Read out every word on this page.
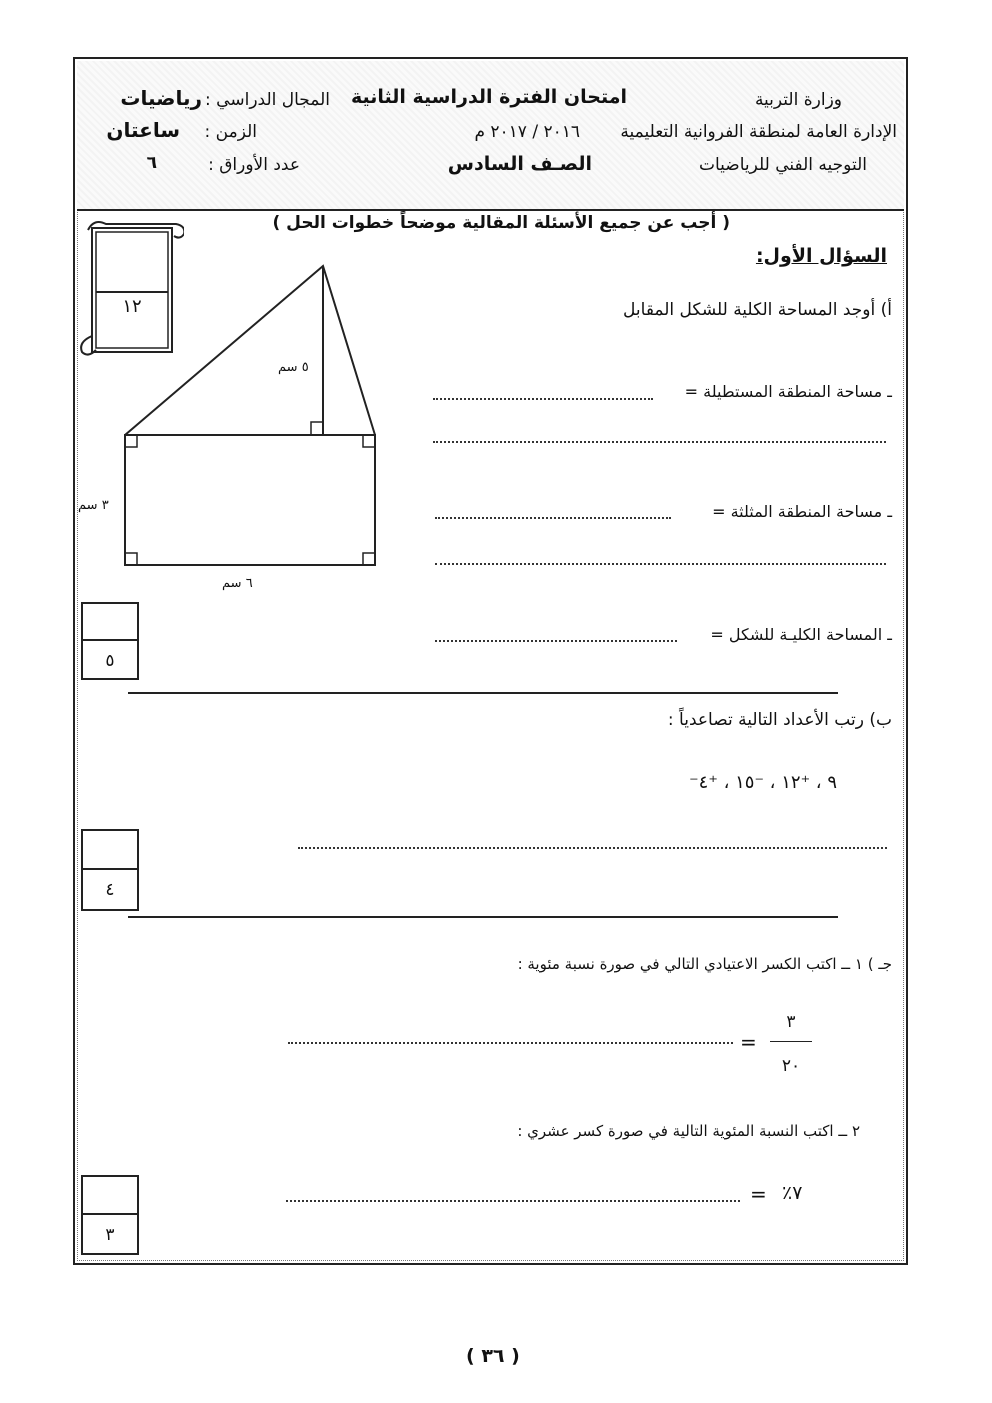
وزارة التربية
الإدارة العامة لمنطقة الفروانية التعليمية
التوجيه الفني للرياضيات
امتحان الفترة الدراسية الثانية
٢٠١٦ / ٢٠١٧ م
الصـف السادس
المجال الدراسي :
رياضيات
الزمن :
ساعتان
عدد الأوراق :
٦
( أجب عن جميع الأسئلة المقالية موضحاً خطوات الحل )
١٢
السؤال الأول:
أ) أوجد المساحة الكلية للشكل المقابل
٥ سم
٣ سم
٦ سم
ـ مساحة المنطقة المستطيلة =
ـ مساحة المنطقة المثلثة =
ـ المساحة الكليـة للشكل =
٥
ب) رتب الأعداد التالية تصاعدياً :
⁻٩ ، ⁺١٢ ، ⁻١٥ ، ⁺٤
٤
جـ ) ١ ــ اكتب الكسر الاعتيادي التالي في صورة نسبة مئوية :
=
٣
٢٠
٢ ــ اكتب النسبة المئوية التالية في صورة كسر عشري :
= ٪٧
٣
( ٣٦ )
